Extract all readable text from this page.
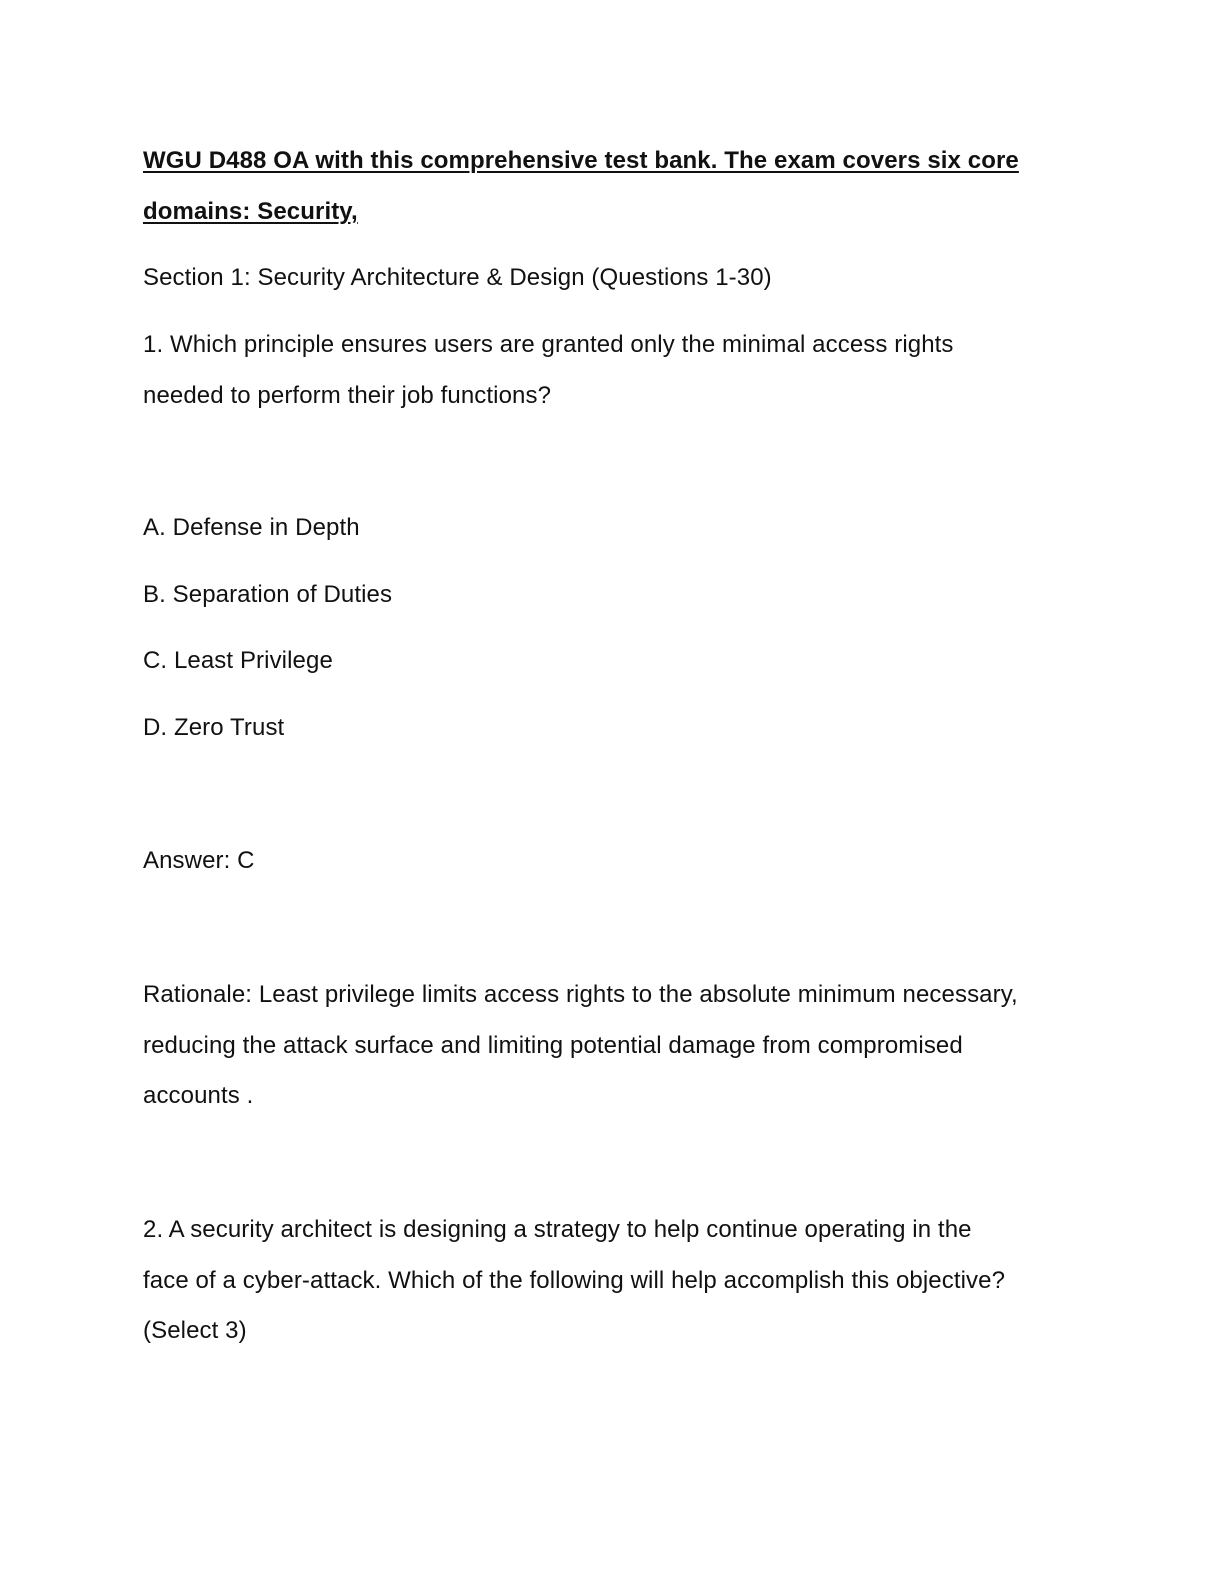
WGU D488 OA with this comprehensive test bank. The exam covers six core
domains: Security,
Section 1: Security Architecture & Design (Questions 1-30)
1. Which principle ensures users are granted only the minimal access rights
needed to perform their job functions?
A. Defense in Depth
B. Separation of Duties
C. Least Privilege
D. Zero Trust
Answer: C
Rationale: Least privilege limits access rights to the absolute minimum necessary,
reducing the attack surface and limiting potential damage from compromised
accounts .
2. A security architect is designing a strategy to help continue operating in the
face of a cyber-attack. Which of the following will help accomplish this objective?
(Select 3)
